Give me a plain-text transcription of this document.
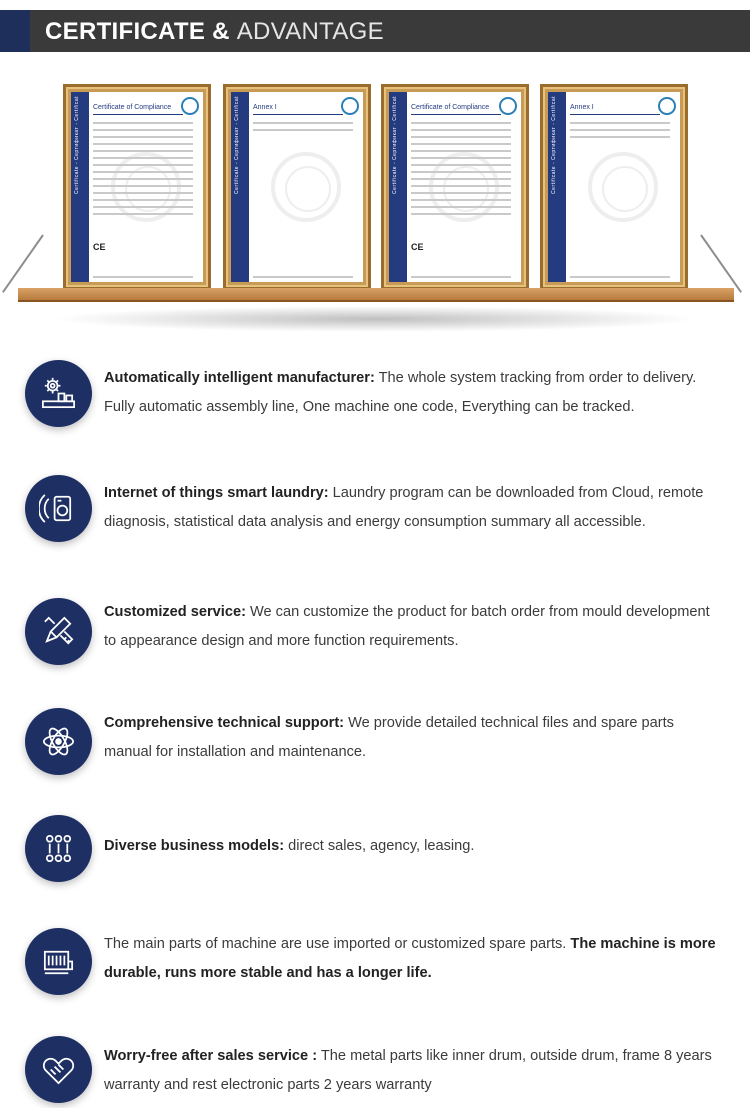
CERTIFICATE & ADVANTAGE
Certificate - Сертификат - Certificat Certificate of Compliance
CE
Certificate - Сертификат - Certificat Annex I	Certificate - Сертификат - Certificat Certificate of Compliance
CE
Certificate - Сертификат - Certificat Annex I
Automatically intelligent manufacturer: The whole system tracking from order to delivery. Fully automatic assembly line, One machine one code, Everything can be tracked.
Internet of things smart laundry: Laundry program can be downloaded from Cloud, remote diagnosis, statistical data analysis and energy consumption summary all accessible.
Customized service: We can customize the product for batch order from mould development to appearance design and more function requirements.
Comprehensive technical support: We provide detailed technical files and spare parts manual for installation and maintenance.
Diverse business models: direct sales, agency, leasing.
The main parts of machine are use imported or customized spare parts. The machine is more durable, runs more stable and has a longer life.
Worry-free after sales service : The metal parts like inner drum, outside drum, frame 8 years warranty and rest electronic parts 2 years warranty
